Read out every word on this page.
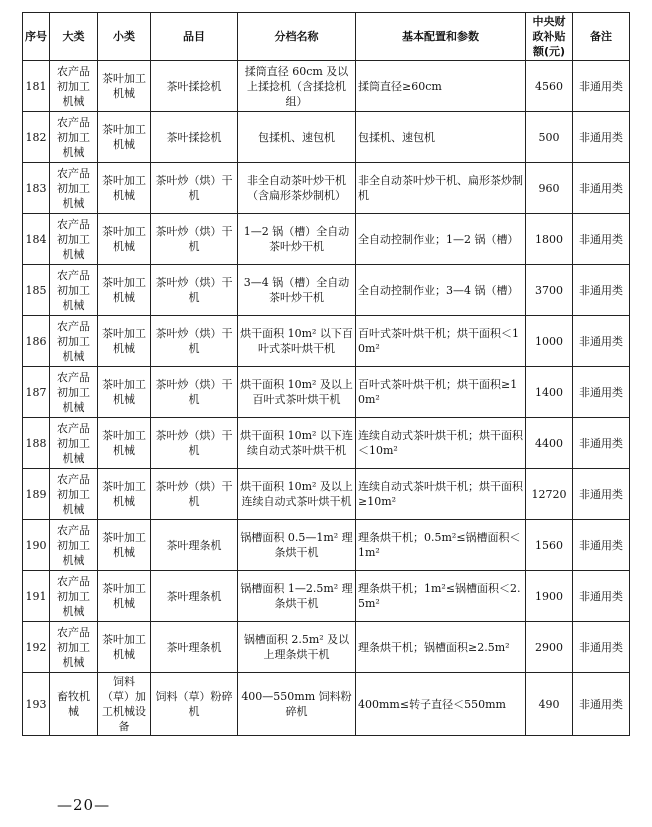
序号	大类	小类	品目	分档名称	基本配置和参数	中央财政补贴额(元)	备注
181	农产品初加工机械	茶叶加工机械	茶叶揉捻机	揉筒直径 60cm 及以上揉捻机（含揉捻机组）	揉筒直径≥60cm	4560	非通用类
182	农产品初加工机械	茶叶加工机械	茶叶揉捻机	包揉机、速包机	包揉机、速包机	500	非通用类
183	农产品初加工机械	茶叶加工机械	茶叶炒（烘）干机	非全自动茶叶炒干机（含扁形茶炒制机）	非全自动茶叶炒干机、扁形茶炒制机	960	非通用类
184	农产品初加工机械	茶叶加工机械	茶叶炒（烘）干机	1—2 锅（槽）全自动茶叶炒干机	全自动控制作业；1—2 锅（槽）	1800	非通用类
185	农产品初加工机械	茶叶加工机械	茶叶炒（烘）干机	3—4 锅（槽）全自动茶叶炒干机	全自动控制作业；3—4 锅（槽）	3700	非通用类
186	农产品初加工机械	茶叶加工机械	茶叶炒（烘）干机	烘干面积 10m² 以下百叶式茶叶烘干机	百叶式茶叶烘干机；烘干面积＜10m²	1000	非通用类
187	农产品初加工机械	茶叶加工机械	茶叶炒（烘）干机	烘干面积 10m² 及以上百叶式茶叶烘干机	百叶式茶叶烘干机；烘干面积≥10m²	1400	非通用类
188	农产品初加工机械	茶叶加工机械	茶叶炒（烘）干机	烘干面积 10m² 以下连续自动式茶叶烘干机	连续自动式茶叶烘干机；烘干面积＜10m²	4400	非通用类
189	农产品初加工机械	茶叶加工机械	茶叶炒（烘）干机	烘干面积 10m² 及以上连续自动式茶叶烘干机	连续自动式茶叶烘干机；烘干面积≥10m²	12720	非通用类
190	农产品初加工机械	茶叶加工机械	茶叶理条机	锅槽面积 0.5—1m² 理条烘干机	理条烘干机；0.5m²≤锅槽面积＜1m²	1560	非通用类
191	农产品初加工机械	茶叶加工机械	茶叶理条机	锅槽面积 1—2.5m² 理条烘干机	理条烘干机；1m²≤锅槽面积＜2.5m²	1900	非通用类
192	农产品初加工机械	茶叶加工机械	茶叶理条机	锅槽面积 2.5m² 及以上理条烘干机	理条烘干机；锅槽面积≥2.5m²	2900	非通用类
193	畜牧机械	饲料（草）加工机械设备	饲料（草）粉碎机	400—550mm 饲料粉碎机	400mm≤转子直径＜550mm	490	非通用类
—20—
